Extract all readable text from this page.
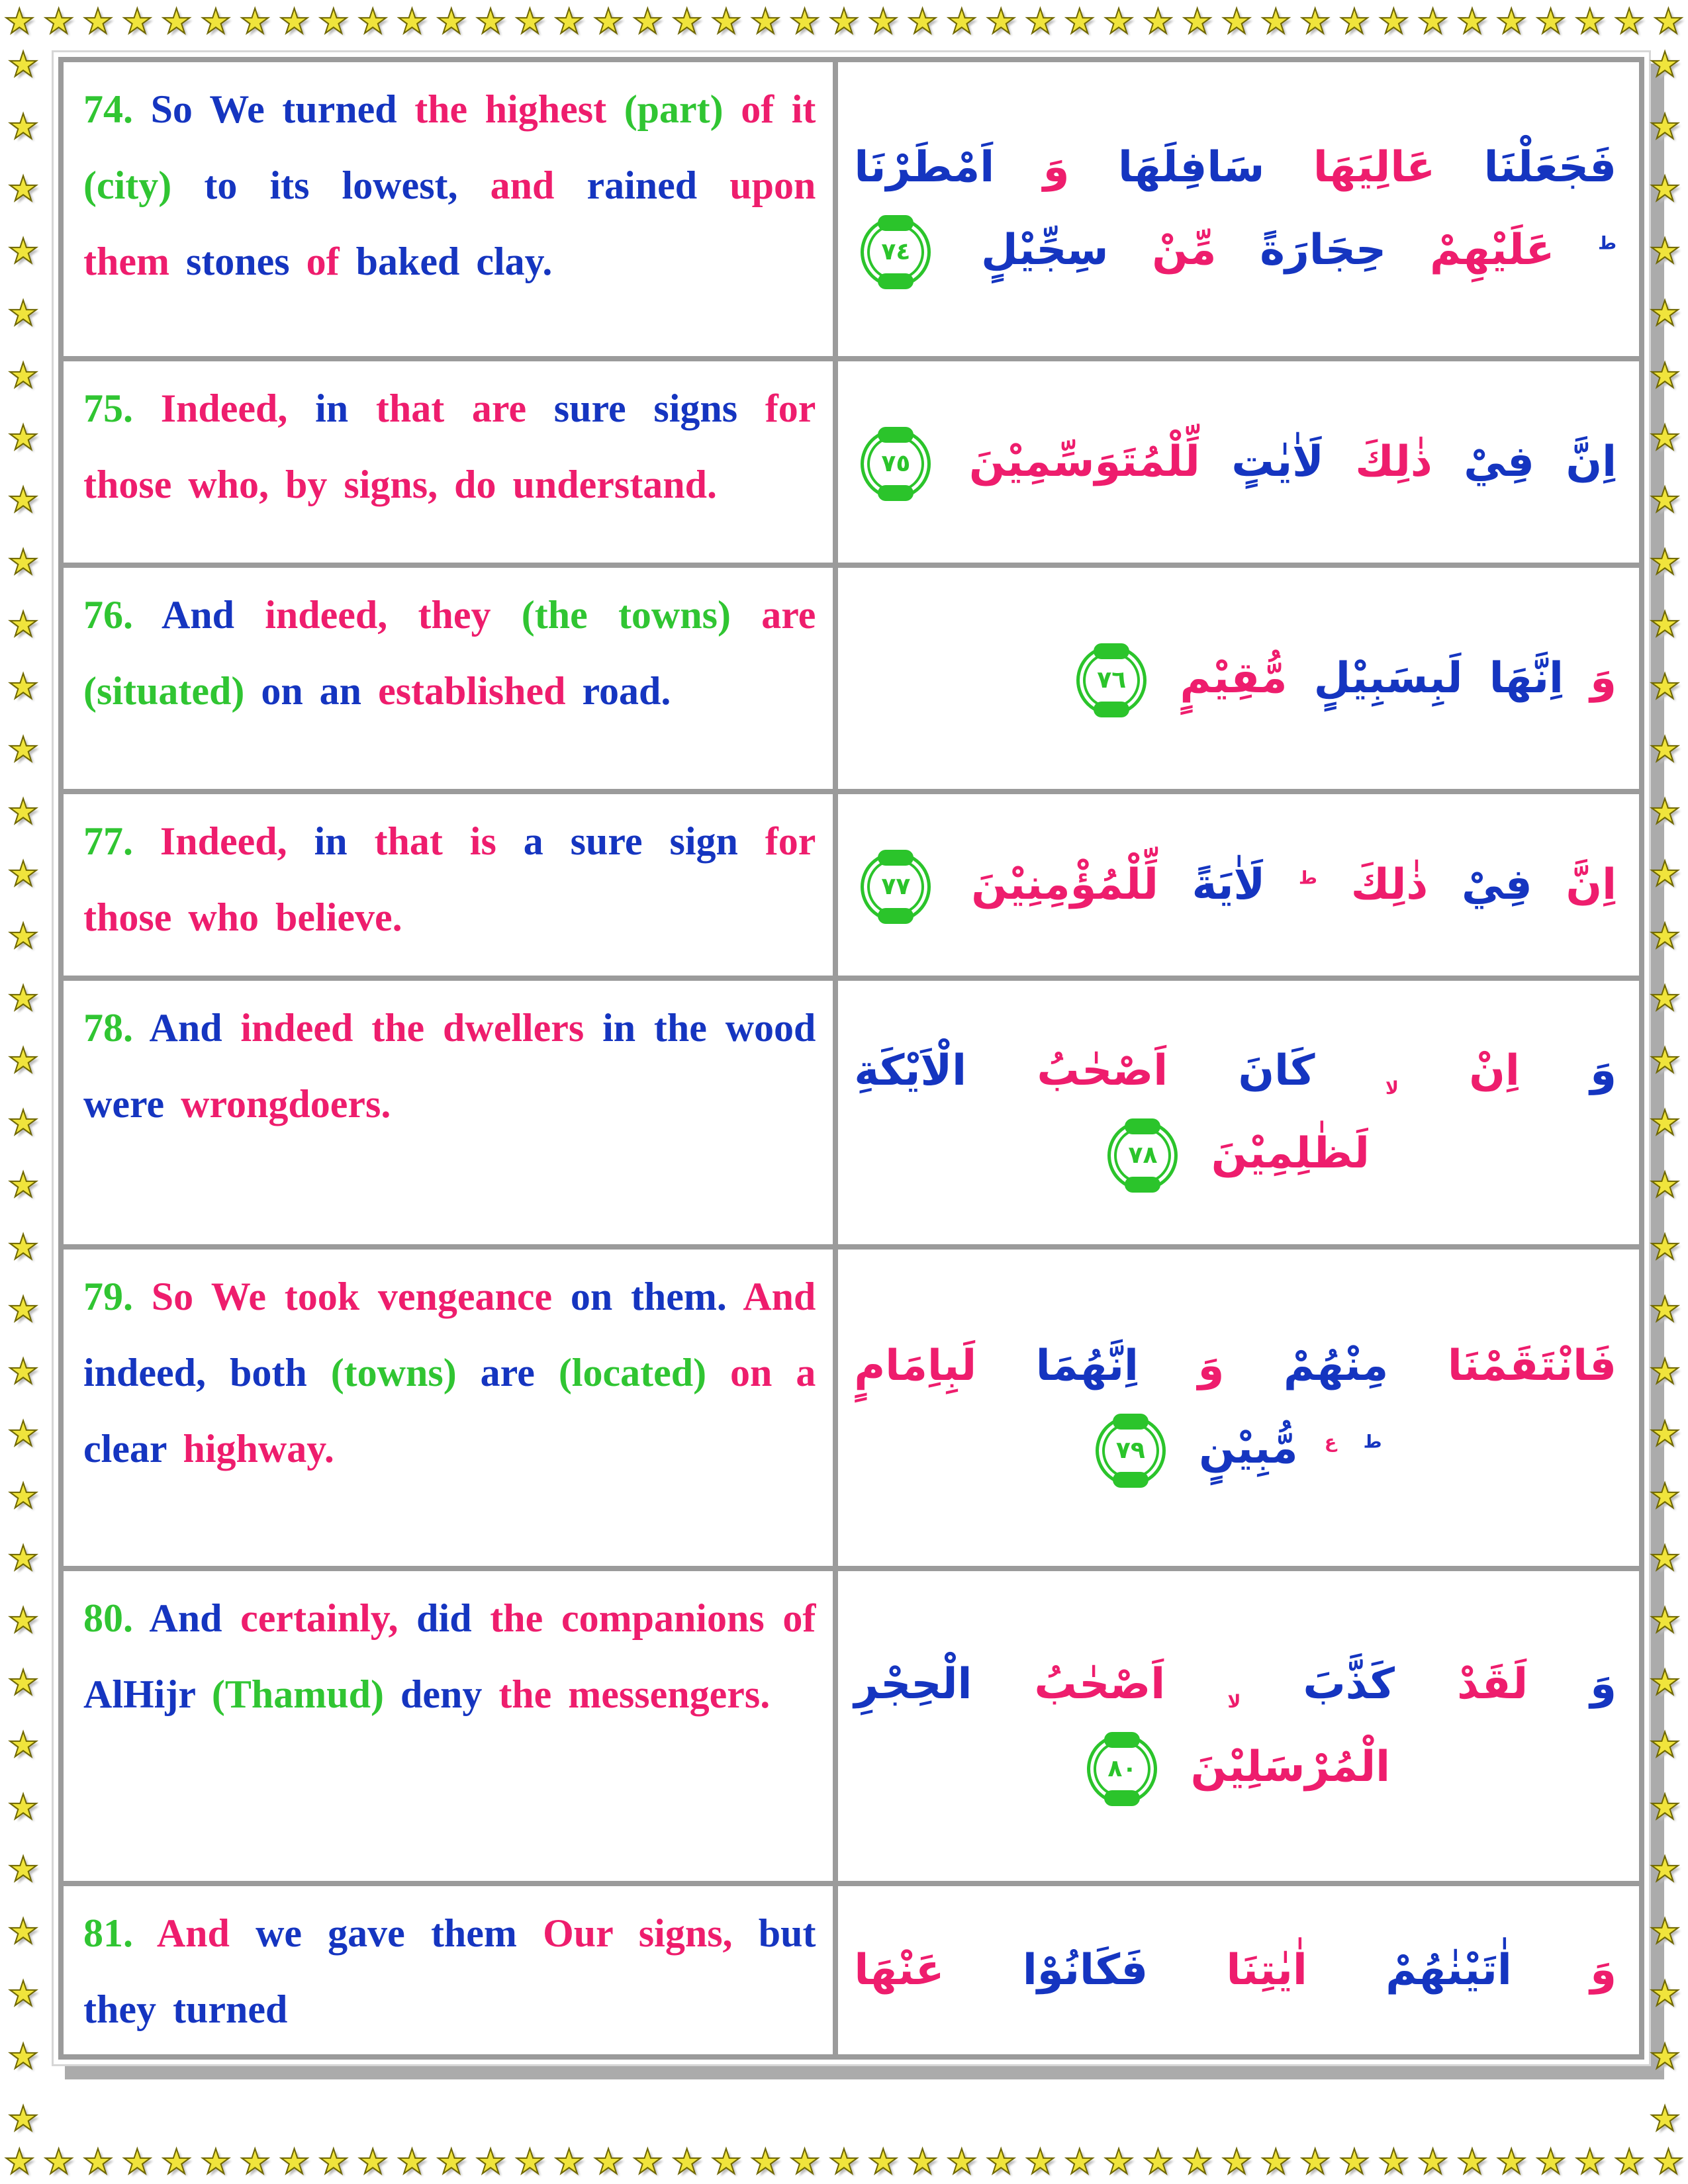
★ ★ ★ ★ ★ ★ ★ ★ ★ ★ ★ ★ ★ ★ ★ ★ ★ ★ ★ ★ ★ ★ ★ ★ ★ ★ ★ ★ ★ ★ ★ ★ ★ ★ ★ ★ ★ ★ ★ ★ ★ ★ ★
★ ★ ★ ★ ★ ★ ★ ★ ★ ★ ★ ★ ★ ★ ★ ★ ★ ★ ★ ★ ★ ★ ★ ★ ★ ★ ★ ★ ★ ★ ★ ★ ★ ★ ★ ★ ★ ★ ★ ★ ★ ★ ★
★
★
★
★
★
★
★
★
★
★
★
★
★
★
★
★
★
★
★
★
★
★
★
★
★
★
★
★
★
★
★
★
★
★
★
★
★
★
★
★
★
★
★
★
★
★
★
★
★
★
★
★
★
★
★
★
★
★
★
★
★
★
★
★
★
★
★
★
74. So We turned the highest (part) of it (city) to its lowest, and rained upon them stones of baked clay.	فَجَعَلْنَا عَالِيَهَا سَافِلَهَا وَ اَمْطَرْنَا
$^ط$ عَلَيْهِمْ حِجَارَةً مِّنْ سِجِّيْلٍ
٧٤

75. Indeed, in that are sure signs for those who, by signs, do understand.	اِنَّ فِيْ ذٰلِكَ لَاٰيٰتٍ لِّلْمُتَوَسِّمِيْنَ
٧٥

76. And indeed, they (the towns) are (situated) on an established road.	وَ اِنَّهَا لَبِسَبِيْلٍ مُّقِيْمٍ
٧٦

77. Indeed, in that is a sure sign for those who believe.	اِنَّ فِيْ ذٰلِكَ $^ط$ لَاٰيَةً لِّلْمُؤْمِنِيْنَ
٧٧

78. And indeed the dwellers in the wood were wrongdoers.	وَ اِنْ $_{لا}$ كَانَ اَصْحٰبُ الْاَيْكَةِ
لَظٰلِمِيْنَ
٧٨

79. So We took vengeance on them. And indeed, both (towns) are (located) on a clear highway.	فَانْتَقَمْنَا مِنْهُمْ وَ اِنَّهُمَا لَبِاِمَامٍ
$^ط$ $^ع$ مُّبِيْنٍ
٧٩

80. And certainly, did the companions of AlHijr (Thamud) deny the messengers.	وَ لَقَدْ كَذَّبَ $_{لا}$ اَصْحٰبُ الْحِجْرِ
الْمُرْسَلِيْنَ
٨٠

81. And we gave them Our signs, but they turned	وَ اٰتَيْنٰهُمْ اٰيٰتِنَا فَكَانُوْا عَنْهَا
